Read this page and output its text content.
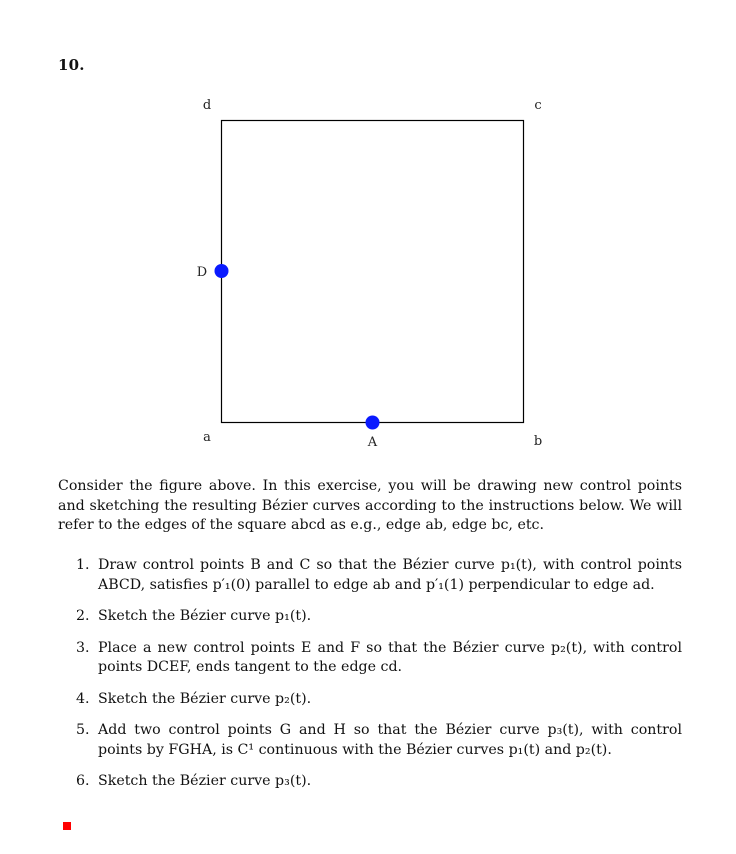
10.
d	c
a	b
D
A

Consider the figure above. In this exercise, you will be drawing new control points and sketching the resulting Bézier curves according to the instructions below. We will refer to the edges of the square abcd as e.g., edge ab, edge bc, etc.

1. Draw control points B and C so that the Bézier curve p₁(t), with control points ABCD, satisfies p′₁(0) parallel to edge ab and p′₁(1) perpendicular to edge ad.
2. Sketch the Bézier curve p₁(t).
3. Place a new control points E and F so that the Bézier curve p₂(t), with control points DCEF, ends tangent to the edge cd.
4. Sketch the Bézier curve p₂(t).
5. Add two control points G and H so that the Bézier curve p₃(t), with control points by FGHA, is C¹ continuous with the Bézier curves p₁(t) and p₂(t).
6. Sketch the Bézier curve p₃(t).
